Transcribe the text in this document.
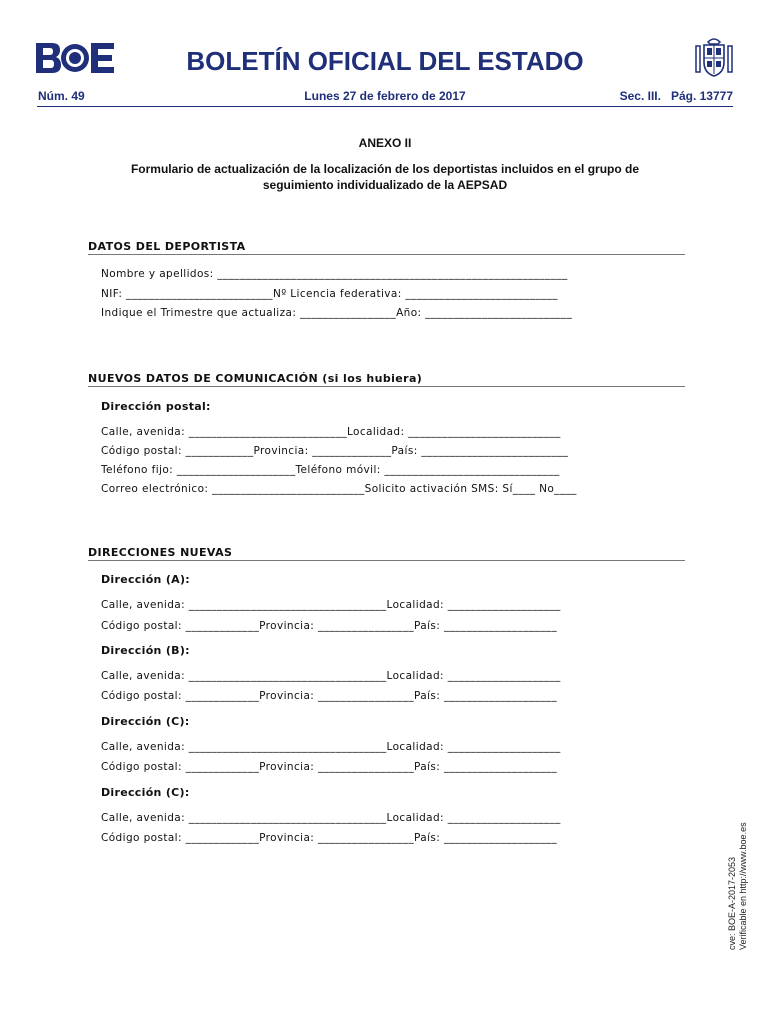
BOLETÍN OFICIAL DEL ESTADO
Núm. 49	Lunes 27 de febrero de 2017	Sec. III.   Pág. 13777
ANEXO II
Formulario de actualización de la localización de los deportistas incluidos en el grupo de seguimiento individualizado de la AEPSAD
DATOS DEL DEPORTISTA
Nombre y apellidos: ______________________________________________________________
NIF: __________________________Nº Licencia federativa: ___________________________
Indique el Trimestre que actualiza: _________________Año: __________________________
NUEVOS DATOS DE COMUNICACIÓN (si los hubiera)
Dirección postal:
Calle, avenida: ____________________________Localidad: ___________________________
Código postal: ____________Provincia: ______________País: __________________________
Teléfono fijo: _____________________Teléfono móvil: _______________________________
Correo electrónico: ___________________________Solicito activación SMS: Sí____ No____
DIRECCIONES NUEVAS
Dirección (A):
Calle, avenida: ___________________________________Localidad: ____________________
Código postal: _____________Provincia: _________________País: ____________________
Dirección (B):
Calle, avenida: ___________________________________Localidad: ____________________
Código postal: _____________Provincia: _________________País: ____________________
Dirección (C):
Calle, avenida: ___________________________________Localidad: ____________________
Código postal: _____________Provincia: _________________País: ____________________
Dirección (C):
Calle, avenida: ___________________________________Localidad: ____________________
Código postal: _____________Provincia: _________________País: ____________________
cve: BOE-A-2017-2053 Verificable en http://www.boe.es
